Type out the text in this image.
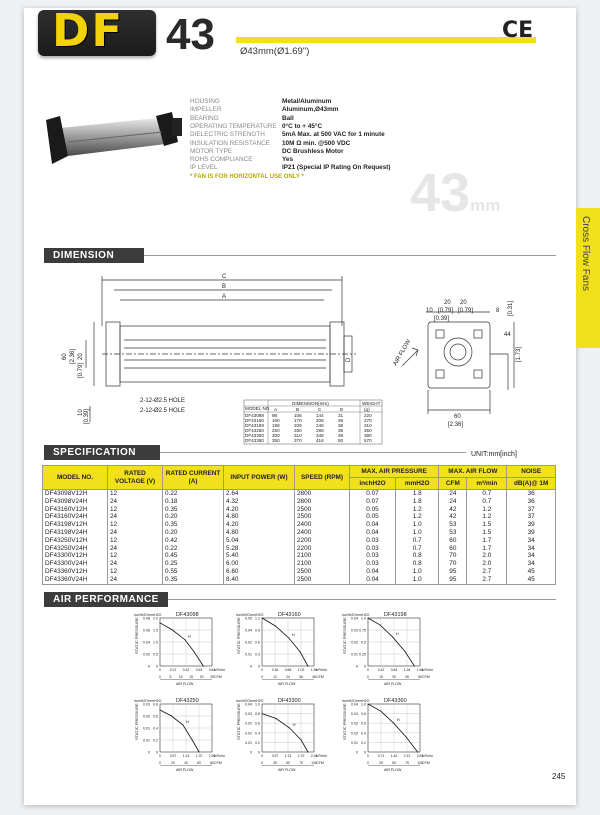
DF 43	Ø43mm(Ø1.69")
CE
HOUSING	Metal/Aluminum
IMPELLER	Aluminum,Ø43mm
BEARING	Ball
OPERATING TEMPERATURE 0°C to + 45°C
DIELECTRIC STRENGTH	5mA Max. at 500 VAC for 1 minute
INSULATION RESISTANCE	10M Ω min. @500 VDC
MOTOR TYPE	DC Brushless Motor
ROHS COMPLIANCE	Yes
IP LEVEL	IP21 (Special IP Rating On Request)
* FAN IS FOR HORIZONTAL USE ONLY * 43mm
Cross Flow Fans
DIMENSION
C
B
A
D
60 [2.36] 20
[0.79]
10 [0.39]
2-12-Ø2.5 HOLE
2-12-Ø2.5 HOLE
AIR FLOW
20 20
10	8
[0.79] [0.79]
[0.39]
[0.31]
44
[1.73]
60
[2.36]
DIMENSION(mm)	WEIGHT
MODEL NO. A	B	C	D	(g)
DF43098 98	106	144	31	220
DF43160 160	170	208	36	270
DF43198 198	209	246	38	310
DF43250 250	260	298	38	350
DF43300 300	310	348	38	380
DF43360 350	370	416	50	570
SPECIFICATION	UNIT:mm[inch]
MODEL NO.	RATED VOLTAGE (V)	RATED CURRENT (A)	INPUT POWER (W)	SPEED (RPM)	MAX. AIR PRESSURE		MAX. AIR FLOW		NOISE
					inchH2O	mmH2O	CFM	m³/min	dB(A)@ 1M
DF43098V12H	12	0.22	2.64	2800	0.07	1.8	24	0.7	36
DF43098V24H	24	0.18	4.32	2800	0.07	1.8	24	0.7	36
DF43160V12H	12	0.35	4.20	2500	0.05	1.2	42	1.2	37
DF43160V24H	24	0.20	4.80	2500	0.05	1.2	42	1.2	37
DF43198V12H	12	0.35	4.20	2400	0.04	1.0	53	1.5	39
DF43198V24H	24	0.20	4.80	2400	0.04	1.0	53	1.5	39
DF43250V12H	12	0.42	5.04	2200	0.03	0.7	60	1.7	34
DF43250V24H	24	0.22	5.28	2200	0.03	0.7	60	1.7	34
DF43300V12H	12	0.45	5.40	2100	0.03	0.8	70	2.0	34
DF43300V24H	24	0.25	6.00	2100	0.03	0.8	70	2.0	34
DF43360V12H	12	0.55	6.60	2500	0.04	1.0	95	2.7	45
DF43360V24H	24	0.35	8.40	2500	0.04	1.0	95	2.7	45
AIR PERFORMANCE
DF43098
inchH2O mmH2O
2.0
0.08
1.5
0.06
1.0
0.04
0.5
0.02
0
0
STATIC PRESSURE
0	0.21 0.42 0.63 0.84
m³/min
0	5 10 15 20 25 CFM
AIR FLOW
H
DF43160
inchH2O mmH2O
1.2
0.05
0.9
0.04
0.6
0.02
0.3
0.01
0
0
STATIC PRESSURE
0	0.36 0.68 1.02 1.36
m³/min
0	12	24	36	48 CFM
AIR FLOW
H
DF43198
inchH2O mmH2O
1.0
0.04
0.75
0.03
0.5
0.02
0.25
0.01
0
0
STATIC PRESSURE
0	0.42 0.84 1.26 1.68
m³/min
0	15	30	45	60 CFM
AIR FLOW
H
DF43250
inchH2O mmH2O
0.8
0.03
0.6
0.02
0.4
0.01
0.2
0.01
0
0
STATIC PRESSURE
0	0.57 1.13 1.70 2.26
m³/min
0	20	40	60	80 CFM
AIR FLOW
H
DF43300
inchH2O mmH2O
1.0
0.04
0.8
0.03
0.6
0.02
0.4
0.02
0.2
0.01
0
0
STATIC PRESSURE
0	0.57 1.13 1.70 2.26
m³/min
0	25	50	75 100 CFM
AIR FLOW
H
DF43360
inchH2O mmH2O
1.0
0.04
0.8
0.03
0.6
0.02
0.4
0.02
0.2
0.01
0
0
STATIC PRESSURE
0	0.71 1.42 2.12 2.83
m³/min
0	25	50	75 100 CFM
AIR FLOW
H
245
